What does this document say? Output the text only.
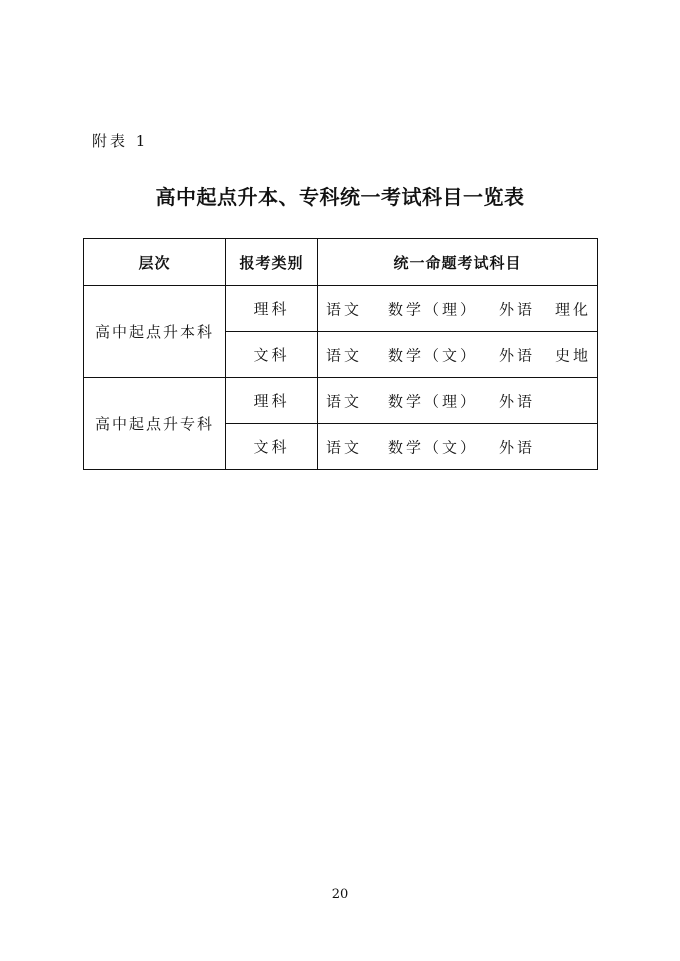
附表 1
高中起点升本、专科统一考试科目一览表
层次	报考类别	统一命题考试科目
高中起点升本科	理科	语文 数学（理） 外语 理化

	文科	语文 数学（文） 外语 史地

高中起点升专科	理科	语文 数学（理） 外语

	文科	语文 数学（文） 外语
20
